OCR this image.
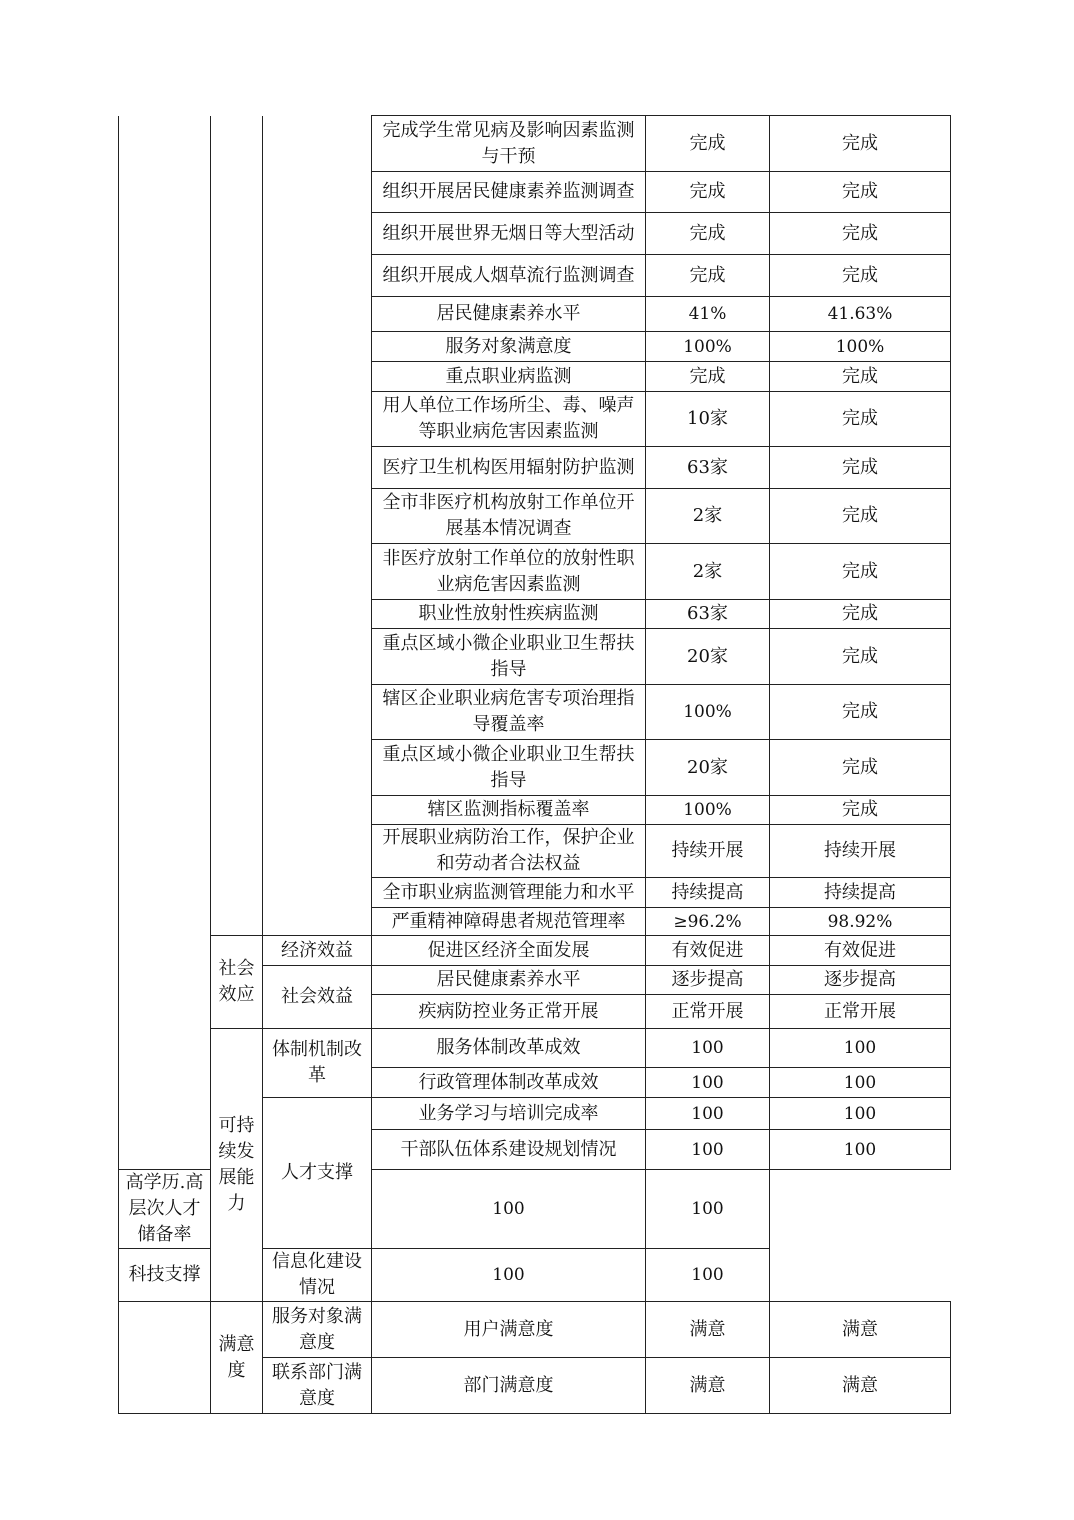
			完成学生常见病及影响因素监测与干预	完成	完成
			组织开展居民健康素养监测调查	完成	完成
			组织开展世界无烟日等大型活动	完成	完成
			组织开展成人烟草流行监测调查	完成	完成
			居民健康素养水平	41%	41.63%
			服务对象满意度	100%	100%
			重点职业病监测	完成	完成
			用人单位工作场所尘、毒、噪声等职业病危害因素监测	10家	完成
			医疗卫生机构医用辐射防护监测	63家	完成
			全市非医疗机构放射工作单位开展基本情况调查	2家	完成
			非医疗放射工作单位的放射性职业病危害因素监测	2家	完成
			职业性放射性疾病监测	63家	完成
			重点区域小微企业职业卫生帮扶指导	20家	完成
			辖区企业职业病危害专项治理指导覆盖率	100%	完成
			重点区域小微企业职业卫生帮扶指导	20家	完成
			辖区监测指标覆盖率	100%	完成
			开展职业病防治工作，保护企业和劳动者合法权益	持续开展	持续开展
			全市职业病监测管理能力和水平	持续提高	持续提高
			严重精神障碍患者规范管理率	≥96.2%	98.92%
	社会效应	经济效益	促进区经济全面发展	有效促进	有效促进
		社会效益	居民健康素养水平	逐步提高	逐步提高
			疾病防控业务正常开展	正常开展	正常开展
	可持续发展能力	体制机制改革	服务体制改革成效	100	100
			行政管理体制改革成效	100	100
		人才支撑	业务学习与培训完成率	100	100
			干部队伍体系建设规划情况	100	100
高学历.高层次人才储备率			100	100	
科技支撑		信息化建设情况	100	100	
	满意度	服务对象满意度	用户满意度	满意	满意
		联系部门满意度	部门满意度	满意	满意
